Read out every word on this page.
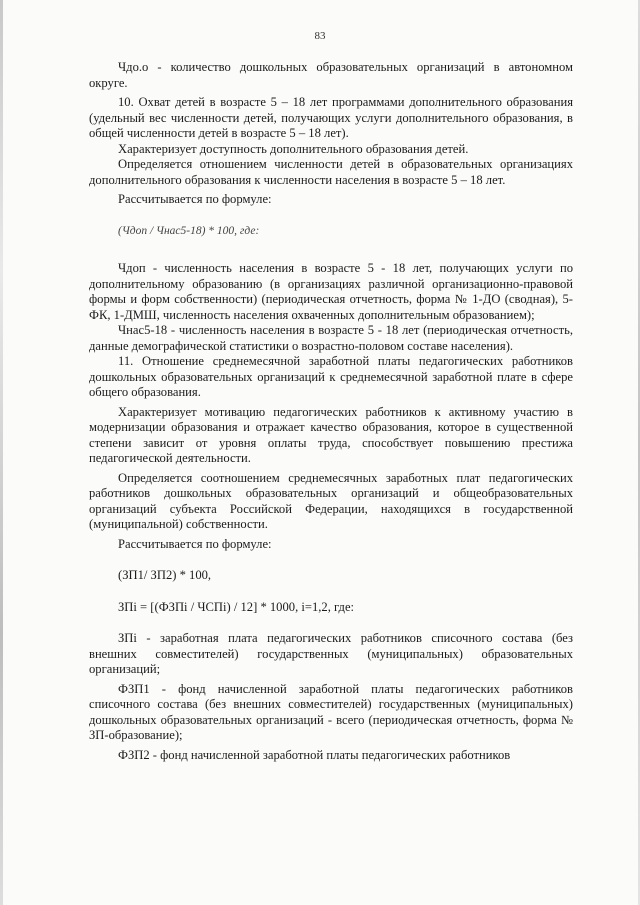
83

Чдо.о - количество дошкольных образовательных организаций в автономном округе.

10. Охват детей в возрасте 5 – 18 лет программами дополнительного образования (удельный вес численности детей, получающих услуги дополнительного образования, в общей численности детей в возрасте 5 – 18 лет).

Характеризует доступность дополнительного образования детей.

Определяется отношением численности детей в образовательных организациях дополнительного образования к численности населения в возрасте 5 – 18 лет.

Рассчитывается по формуле:

(Чдоп / Чнас5-18) * 100, где:

Чдоп - численность населения в возрасте 5 - 18 лет, получающих услуги по дополнительному образованию (в организациях различной организационно-правовой формы и форм собственности) (периодическая отчетность, форма № 1-ДО (сводная), 5-ФК, 1-ДМШ, численность населения охваченных дополнительным образованием);

Чнас5-18 - численность населения в возрасте 5 - 18 лет (периодическая отчетность, данные демографической статистики о возрастно-половом составе населения).

11. Отношение среднемесячной заработной платы педагогических работников дошкольных образовательных организаций к среднемесячной заработной плате в сфере общего образования.

Характеризует мотивацию педагогических работников к активному участию в модернизации образования и отражает качество образования, которое в существенной степени зависит от уровня оплаты труда, способствует повышению престижа педагогической деятельности.

Определяется соотношением среднемесячных заработных плат педагогических работников дошкольных образовательных организаций и общеобразовательных организаций субъекта Российской Федерации, находящихся в государственной (муниципальной) собственности.

Рассчитывается по формуле:

(ЗП1/ ЗП2) * 100,

ЗПi = [(ФЗПi / ЧСПi) / 12] * 1000, i=1,2, где:

ЗПi - заработная плата педагогических работников списочного состава (без внешних совместителей) государственных (муниципальных) образовательных организаций;

ФЗП1 - фонд начисленной заработной платы педагогических работников списочного состава (без внешних совместителей) государственных (муниципальных) дошкольных образовательных организаций - всего (периодическая отчетность, форма № ЗП-образование);

ФЗП2 - фонд начисленной заработной платы педагогических работников
